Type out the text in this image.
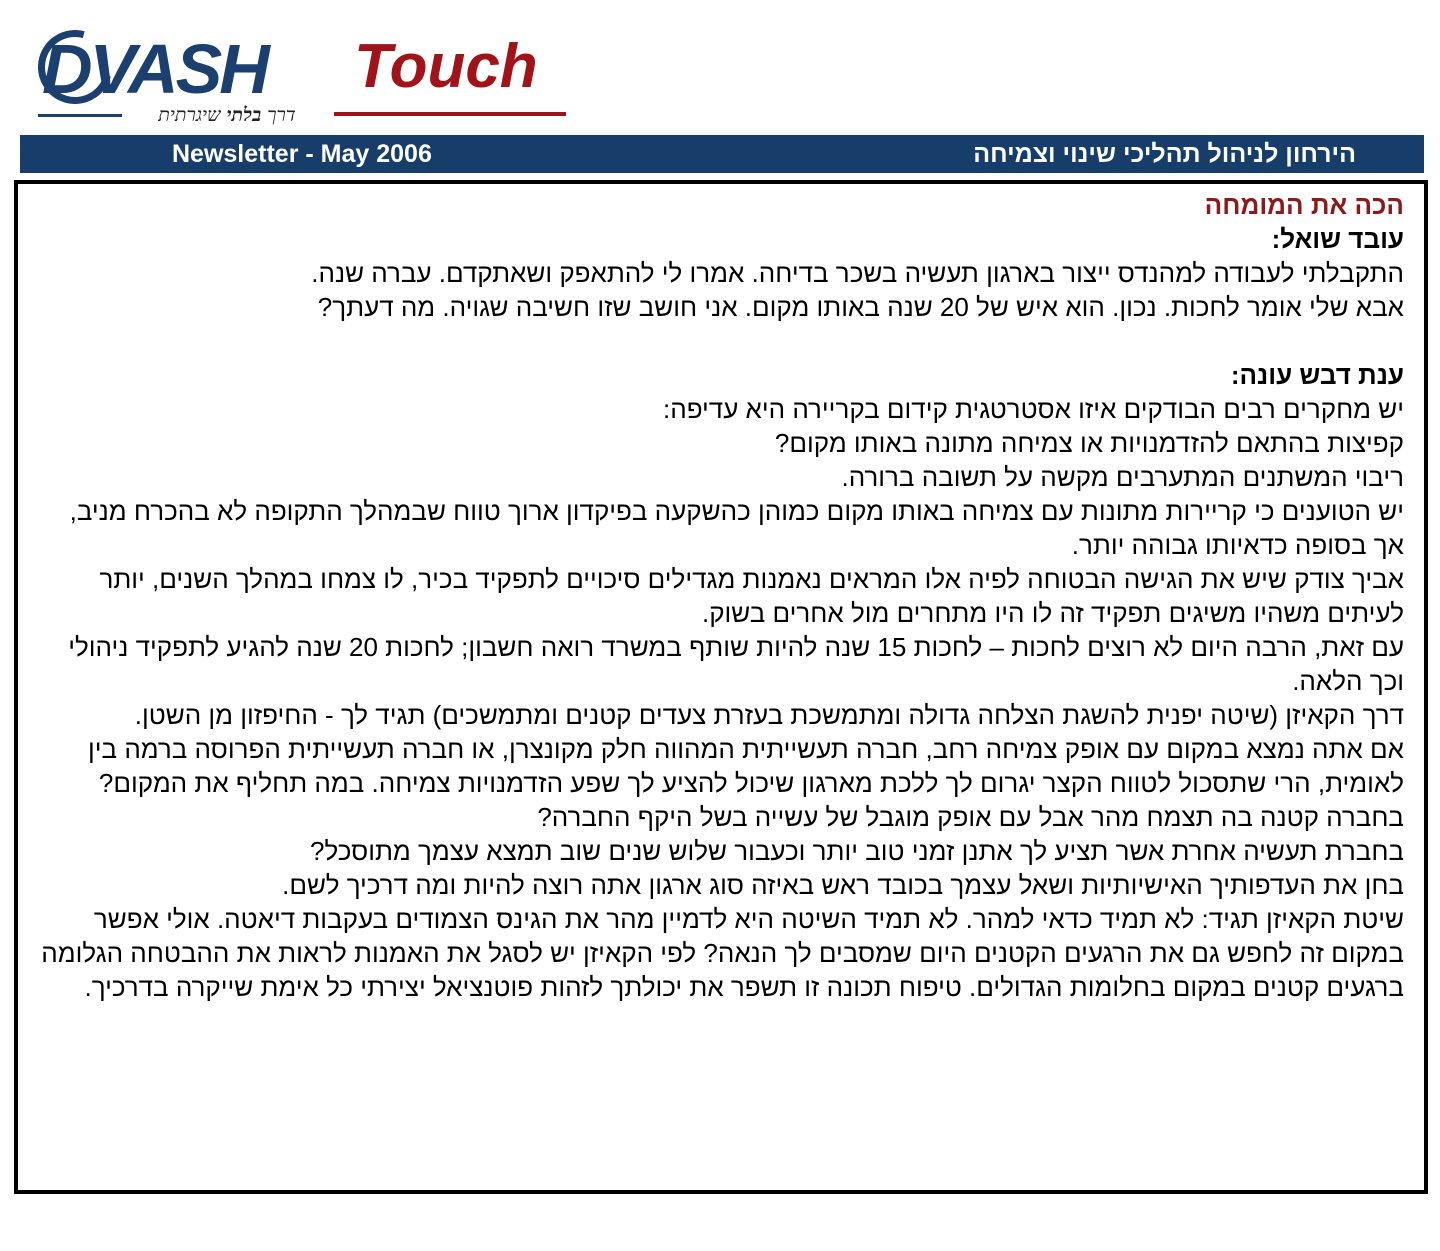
DVASH Touch
דרך בלתי שיגרתית
Newsletter - May 2006	הירחון לניהול תהליכי שינוי וצמיחה
הכה את המומחה
עובד שואל:

התקבלתי לעבודה למהנדס ייצור בארגון תעשיה בשכר בדיחה. אמרו לי להתאפק ושאתקדם. עברה שנה.

אבא שלי אומר לחכות. נכון. הוא איש של 20 שנה באותו מקום. אני חושב שזו חשיבה שגויה. מה דעתך?

ענת דבש עונה:

יש מחקרים רבים הבודקים איזו אסטרטגית קידום בקריירה היא עדיפה:

קפיצות בהתאם להזדמנויות או צמיחה מתונה באותו מקום?

ריבוי המשתנים המתערבים מקשה על תשובה ברורה.

יש הטוענים כי קריירות מתונות עם צמיחה באותו מקום כמוהן כהשקעה בפיקדון ארוך טווח שבמהלך התקופה לא בהכרח מניב, אך בסופה כדאיותו גבוהה יותר.

אביך צודק שיש את הגישה הבטוחה לפיה אלו המראים נאמנות מגדילים סיכויים לתפקיד בכיר, לו צמחו במהלך השנים, יותר לעיתים משהיו משיגים תפקיד זה לו היו מתחרים מול אחרים בשוק.

עם זאת, הרבה היום לא רוצים לחכות – לחכות 15 שנה להיות שותף במשרד רואה חשבון; לחכות 20 שנה להגיע לתפקיד ניהולי וכך הלאה.

דרך הקאיזן (שיטה יפנית להשגת הצלחה גדולה ומתמשכת בעזרת צעדים קטנים ומתמשכים) תגיד לך - החיפזון מן השטן.

אם אתה נמצא במקום עם אופק צמיחה רחב, חברה תעשייתית המהווה חלק מקונצרן, או חברה תעשייתית הפרוסה ברמה בין לאומית, הרי שתסכול לטווח הקצר יגרום לך ללכת מארגון שיכול להציע לך שפע הזדמנויות צמיחה. במה תחליף את המקום? בחברה קטנה בה תצמח מהר אבל עם אופק מוגבל של עשייה בשל היקף החברה?

בחברת תעשיה אחרת אשר תציע לך אתנן זמני טוב יותר וכעבור שלוש שנים שוב תמצא עצמך מתוסכל?

בחן את העדפותיך האישיותיות ושאל עצמך בכובד ראש באיזה סוג ארגון אתה רוצה להיות ומה דרכיך לשם.

שיטת הקאיזן תגיד: לא תמיד כדאי למהר. לא תמיד השיטה היא לדמיין מהר את הגינס הצמודים בעקבות דיאטה. אולי אפשר במקום זה לחפש גם את הרגעים הקטנים היום שמסבים לך הנאה? לפי הקאיזן יש לסגל את האמנות לראות את ההבטחה הגלומה ברגעים קטנים במקום בחלומות הגדולים. טיפוח תכונה זו תשפר את יכולתך לזהות פוטנציאל יצירתי כל אימת שייקרה בדרכיך.
